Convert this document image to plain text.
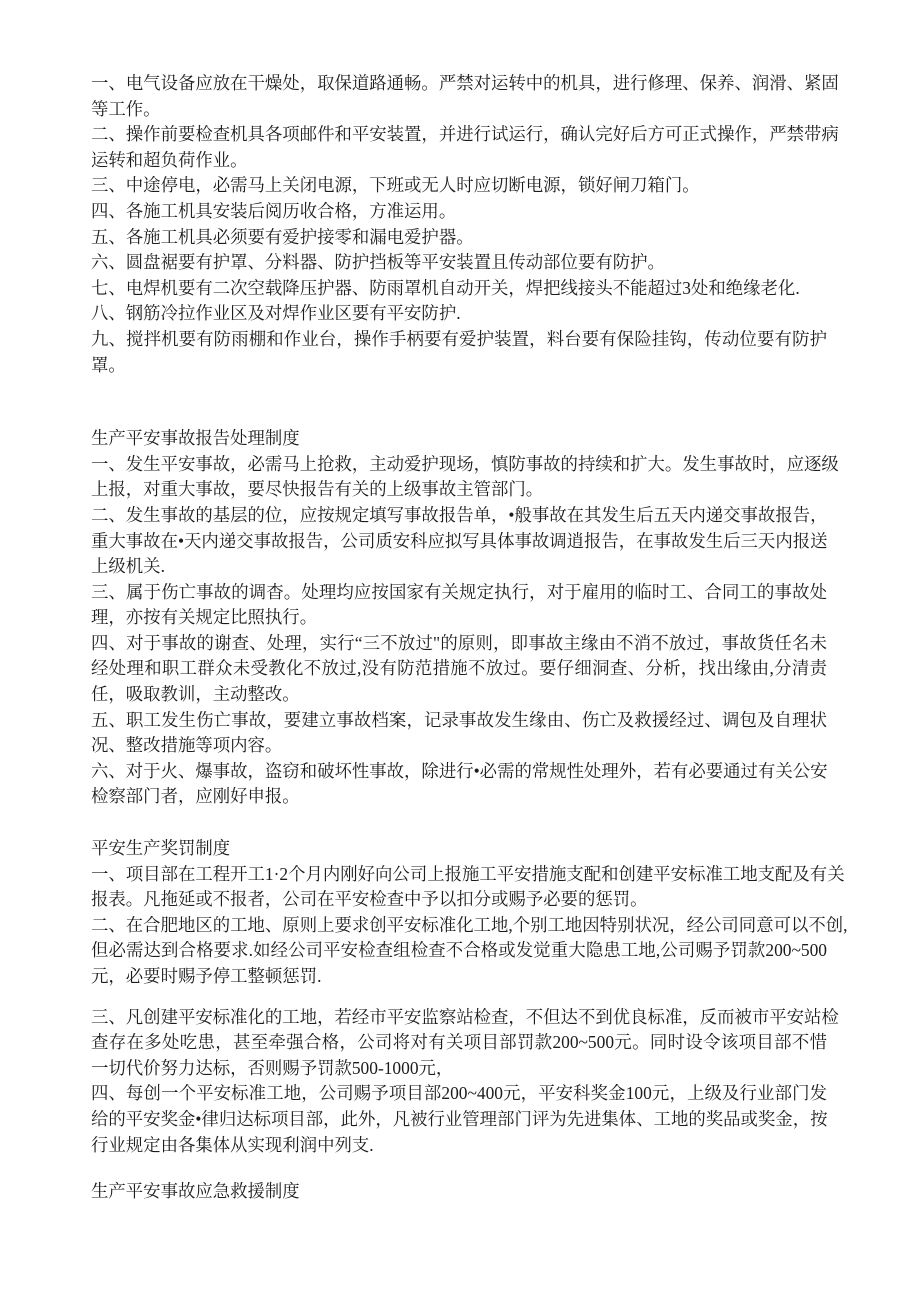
一、电气设备应放在干燥处，取保道路通畅。严禁对运转中的机具，进行修理、保养、润滑、紧固
等工作。
二、操作前要检查机具各项邮件和平安装置，并进行试运行，确认完好后方可正式操作，严禁带病
运转和超负荷作业。
三、中途停电，必需马上关闭电源，下班或无人时应切断电源，锁好闸刀箱门。
四、各施工机具安装后阅历收合格，方准运用。
五、各施工机具必须要有爱护接零和漏电爱护器。
六、圆盘裾要有护罩、分料器、防护挡板等平安装置且传动部位要有防护。
七、电焊机要有二次空载降压护器、防雨罩机自动开关，焊把线接头不能超过3处和绝缘老化.
八、钢筋冷拉作业区及对焊作业区要有平安防护.
九、搅拌机要有防雨棚和作业台，操作手柄要有爱护装置，料台要有保险挂钩，传动位要有防护
罩。
生产平安事故报告处理制度
一、发生平安事故，必需马上抢救，主动爱护现场，慎防事故的持续和扩大。发生事故时，应逐级
上报，对重大事故，要尽快报告有关的上级事故主管部门。
二、发生事故的基层的位，应按规定填写事故报告单，•般事故在其发生后五天内递交事故报告，
重大事故在•天内递交事故报告，公司质安科应拟写具体事故调逍报告，在事故发生后三天内报送
上级机关.
三、属于伤亡事故的调杳。处理均应按国家有关规定执行，对于雇用的临时工、合同工的事故处
理，亦按有关规定比照执行。
四、对于事故的谢查、处理，实行“三不放过"的原则，即事故主缘由不消不放过，事故货任名未
经处理和职工群众未受教化不放过,没有防范措施不放过。要仔细洞查、分析，找出缘由,分清责
任，吸取教训，主动整改。
五、职工发生伤亡事故，要建立事故档案，记录事故发生缘由、伤亡及救援经过、调包及自理状
况、整改措施等项内容。
六、对于火、爆事故，盗窃和破坏性事故，除进行•必需的常规性处理外，若有必要通过有关公安
检察部门者，应刚好申报。
平安生产奖罚制度
一、项目部在工程开工1·2个月内刚好向公司上报施工平安措施支配和创建平安标准工地支配及有关
报表。凡拖延或不报者，公司在平安检查中予以扣分或赐予必要的惩罚。
二、在合肥地区的工地、原则上要求创平安标准化工地,个别工地因特别状况，经公司同意可以不创,
但必需达到合格要求.如经公司平安检查组检查不合格或发觉重大隐患工地,公司赐予罚款200~500
元，必要时赐予停工整顿惩罚.
三、凡创建平安标准化的工地，若经市平安监察站检查，不但达不到优良标准，反而被市平安站检
查存在多处吃患，甚至牵强合格，公司将对有关项目部罚款200~500元。同时设令该项目部不惜
一切代价努力达标，否则赐予罚款500-1000元，
四、每创一个平安标准工地，公司赐予项目部200~400元，平安科奖金100元，上级及行业部门发
给的平安奖金•律归达标项目部，此外，凡被行业管理部门评为先进集体、工地的奖品或奖金，按
行业规定由各集体从实现利润中列支.
生产平安事故应急救援制度
